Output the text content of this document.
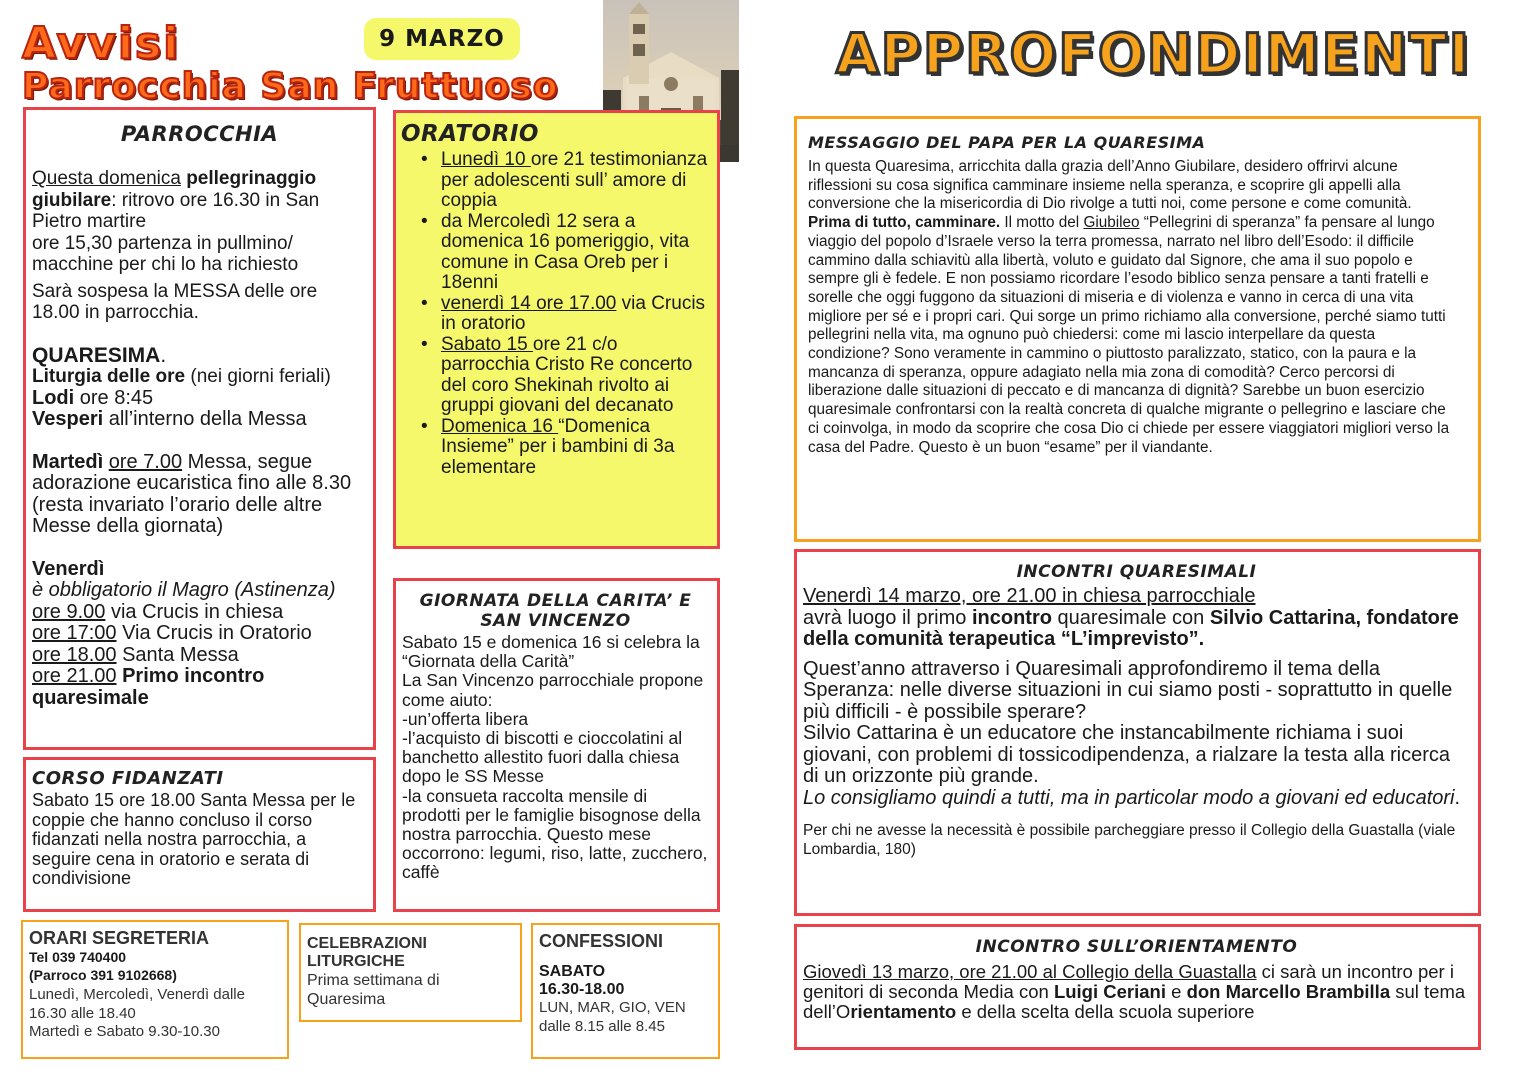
Avvisi
Parrocchia San Fruttuoso
9 MARZO	APPROFONDIMENTI
PARROCCHIA

Questa domenica pellegrinaggio giubilare: ritrovo ore 16.30 in San Pietro martire

ore 15,30 partenza in pullmino/ macchine per chi lo ha richiesto

Sarà sospesa la MESSA delle ore 18.00 in parrocchia.

QUARESIMA.

Liturgia delle ore (nei giorni feriali)

Lodi ore 8:45

Vesperi all’interno della Messa

Martedì ore 7.00 Messa, segue adorazione eucaristica fino alle 8.30

(resta invariato l’orario delle altre Messe della giornata)

Venerdì

è obbligatorio il Magro (Astinenza)

ore 9.00 via Crucis in chiesa

ore 17:00 Via Crucis in Oratorio

ore 18.00 Santa Messa

ore 21.00 Primo incontro quaresimale

ORATORIO
• Lunedì 10 ore 21 testimonianza per adolescenti sull’ amore di coppia
• da Mercoledì 12 sera a domenica 16 pomeriggio, vita comune in Casa Oreb per i 18enni
• venerdì 14 ore 17.00 via Crucis in oratorio
• Sabato 15 ore 21 c/o parrocchia Cristo Re concerto del coro Shekinah rivolto ai gruppi giovani del decanato
• Domenica 16 “Domenica Insieme” per i bambini di 3a elementare
GIORNATA DELLA CARITA’ E SAN VINCENZO

Sabato 15 e domenica 16 si celebra la “Giornata della Carità”

La San Vincenzo parrocchiale propone come aiuto:

-un’offerta libera

-l’acquisto di biscotti e cioccolatini al banchetto allestito fuori dalla chiesa dopo le SS Messe

-la consueta raccolta mensile di prodotti per le famiglie bisognose della nostra parrocchia. Questo mese occorrono: legumi, riso, latte, zucchero, caffè

CORSO FIDANZATI

Sabato 15 ore 18.00 Santa Messa per le coppie che hanno concluso il corso fidanzati nella nostra parrocchia, a seguire cena in oratorio e serata di condivisione

ORARI SEGRETERIA
Tel 039 740400
(Parroco 391 9102668)
Lunedì, Mercoledì, Venerdì dalle 16.30 alle 18.40
Martedì e Sabato 9.30-10.30
CELEBRAZIONI LITURGICHE
Prima settimana di Quaresima
CONFESSIONI
SABATO
16.30-18.00
LUN, MAR, GIO, VEN dalle 8.15 alle 8.45
MESSAGGIO DEL PAPA PER LA QUARESIMA

In questa Quaresima, arricchita dalla grazia dell’Anno Giubilare, desidero offrirvi alcune riflessioni su cosa significa camminare insieme nella speranza, e scoprire gli appelli alla conversione che la misericordia di Dio rivolge a tutti noi, come persone e come comunità.

Prima di tutto, camminare. Il motto del Giubileo “Pellegrini di speranza” fa pensare al lungo viaggio del popolo d’Israele verso la terra promessa, narrato nel libro dell’Esodo: il difficile cammino dalla schiavitù alla libertà, voluto e guidato dal Signore, che ama il suo popolo e sempre gli è fedele. E non possiamo ricordare l’esodo biblico senza pensare a tanti fratelli e sorelle che oggi fuggono da situazioni di miseria e di violenza e vanno in cerca di una vita migliore per sé e i propri cari. Qui sorge un primo richiamo alla conversione, perché siamo tutti pellegrini nella vita, ma ognuno può chiedersi: come mi lascio interpellare da questa condizione? Sono veramente in cammino o piuttosto paralizzato, statico, con la paura e la mancanza di speranza, oppure adagiato nella mia zona di comodità? Cerco percorsi di liberazione dalle situazioni di peccato e di mancanza di dignità? Sarebbe un buon esercizio quaresimale confrontarsi con la realtà concreta di qualche migrante o pellegrino e lasciare che ci coinvolga, in modo da scoprire che cosa Dio ci chiede per essere viaggiatori migliori verso la casa del Padre. Questo è un buon “esame” per il viandante.

INCONTRI QUARESIMALI

Venerdì 14 marzo, ore 21.00 in chiesa parrocchiale

avrà luogo il primo incontro quaresimale con Silvio Cattarina, fondatore della comunità terapeutica “L’imprevisto”.

Quest’anno attraverso i Quaresimali approfondiremo il tema della Speranza: nelle diverse situazioni in cui siamo posti - soprattutto in quelle più difficili - è possibile sperare?

Silvio Cattarina è un educatore che instancabilmente richiama i suoi giovani, con problemi di tossicodipendenza, a rialzare la testa alla ricerca di un orizzonte più grande.

Lo consigliamo quindi a tutti, ma in particolar modo a giovani ed educatori.

Per chi ne avesse la necessità è possibile parcheggiare presso il Collegio della Guastalla (viale Lombardia, 180)

INCONTRO SULL’ORIENTAMENTO

Giovedì 13 marzo, ore 21.00 al Collegio della Guastalla ci sarà un incontro per i genitori di seconda Media con Luigi Ceriani e don Marcello Brambilla sul tema dell’Orientamento e della scelta della scuola superiore
